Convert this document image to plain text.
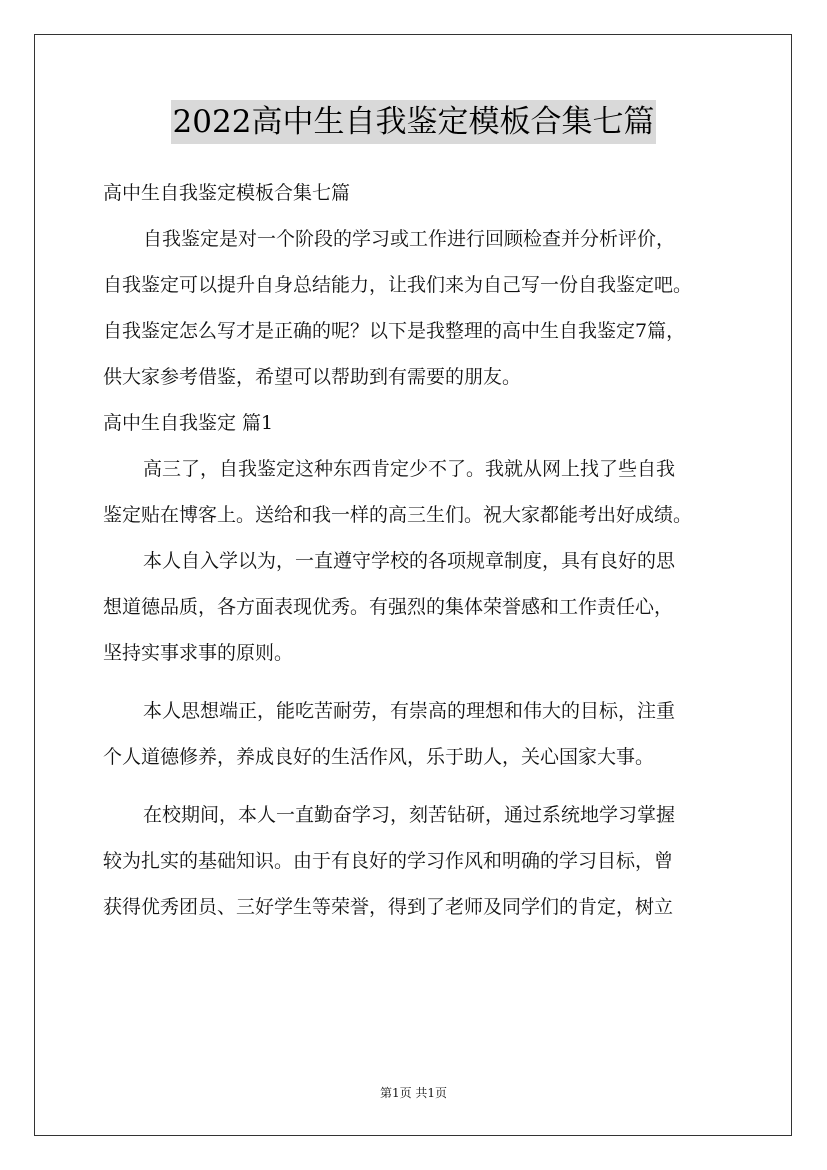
2022高中生自我鉴定模板合集七篇
高中生自我鉴定模板合集七篇
自我鉴定是对一个阶段的学习或工作进行回顾检查并分析评价，
自我鉴定可以提升自身总结能力，让我们来为自己写一份自我鉴定吧。
自我鉴定怎么写才是正确的呢？以下是我整理的高中生自我鉴定7篇，
供大家参考借鉴，希望可以帮助到有需要的朋友。
高中生自我鉴定 篇1
高三了，自我鉴定这种东西肯定少不了。我就从网上找了些自我
鉴定贴在博客上。送给和我一样的高三生们。祝大家都能考出好成绩。
本人自入学以为，一直遵守学校的各项规章制度，具有良好的思
想道德品质，各方面表现优秀。有强烈的集体荣誉感和工作责任心，
坚持实事求事的原则。
本人思想端正，能吃苦耐劳，有崇高的理想和伟大的目标，注重
个人道德修养，养成良好的生活作风，乐于助人，关心国家大事。
在校期间，本人一直勤奋学习，刻苦钻研，通过系统地学习掌握
较为扎实的基础知识。由于有良好的学习作风和明确的学习目标，曾
获得优秀团员、三好学生等荣誉，得到了老师及同学们的肯定，树立
第1页 共1页
